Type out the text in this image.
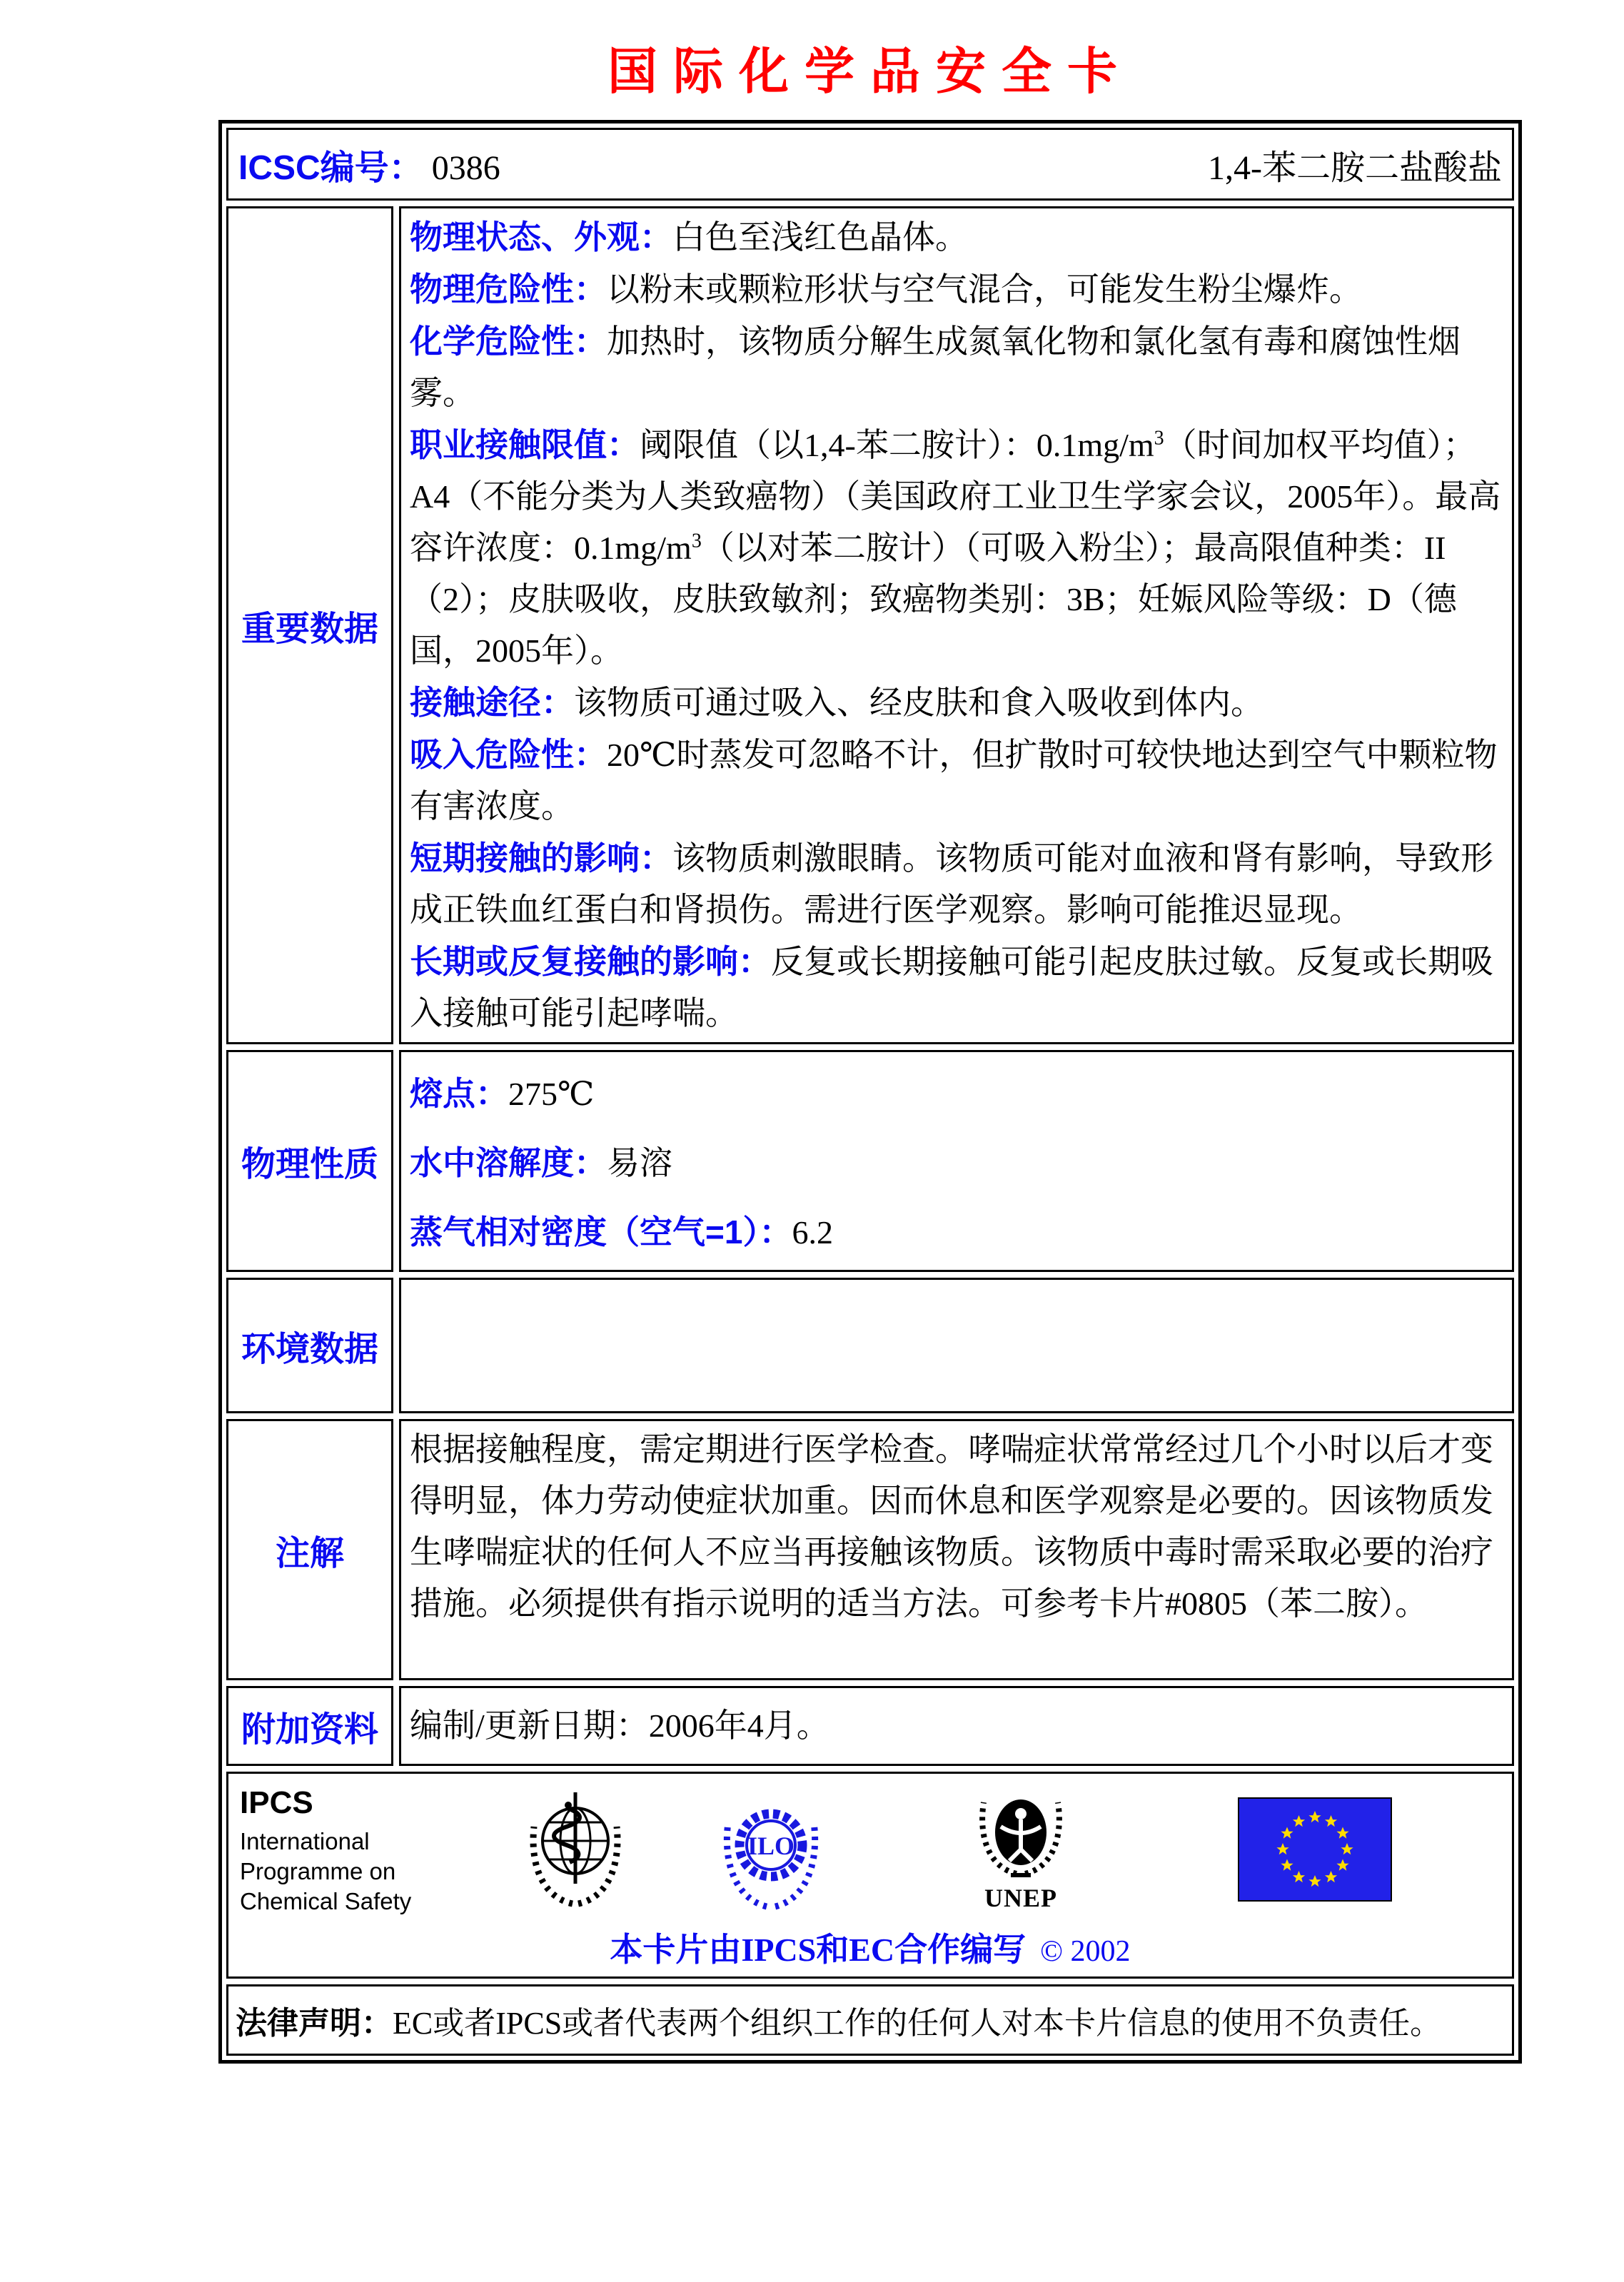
国际化学品安全卡
ICSC编号： 0386	1,4-苯二胺二盐酸盐
重要数据

物理状态、外观：白色至浅红色晶体。

物理危险性：以粉末或颗粒形状与空气混合，可能发生粉尘爆炸。

化学危险性：加热时，该物质分解生成氮氧化物和氯化氢有毒和腐蚀性烟雾。

职业接触限值：阈限值（以1,4-苯二胺计）：$0.1mg/m^3$（时间加权平均值）；A4（不能分类为人类致癌物）（美国政府工业卫生学家会议，2005年）。最高容许浓度：$0.1mg/m^3$（以对苯二胺计）（可吸入粉尘）；最高限值种类：II（2）；皮肤吸收，皮肤致敏剂；致癌物类别：3B；妊娠风险等级：D（德国，2005年）。

接触途径：该物质可通过吸入、经皮肤和食入吸收到体内。

吸入危险性：20℃时蒸发可忽略不计，但扩散时可较快地达到空气中颗粒物有害浓度。

短期接触的影响：该物质刺激眼睛。该物质可能对血液和肾有影响，导致形成正铁血红蛋白和肾损伤。需进行医学观察。影响可能推迟显现。

长期或反复接触的影响：反复或长期接触可能引起皮肤过敏。反复或长期吸入接触可能引起哮喘。

物理性质

熔点：275℃

水中溶解度：易溶

蒸气相对密度（空气=1）：6.2

环境数据
注解

根据接触程度，需定期进行医学检查。哮喘症状常常经过几个小时以后才变得明显，体力劳动使症状加重。因而休息和医学观察是必要的。因该物质发生哮喘症状的任何人不应当再接触该物质。该物质中毒时需采取必要的治疗措施。必须提供有指示说明的适当方法。可参考卡片#0805（苯二胺）。

附加资料 编制/更新日期：2006年4月。

IPCS
International
Programme on
Chemical Safety
ILO
UNEP
本卡片由IPCS和EC合作编写 © 2002
法律声明： EC或者IPCS或者代表两个组织工作的任何人对本卡片信息的使用不负责任。
